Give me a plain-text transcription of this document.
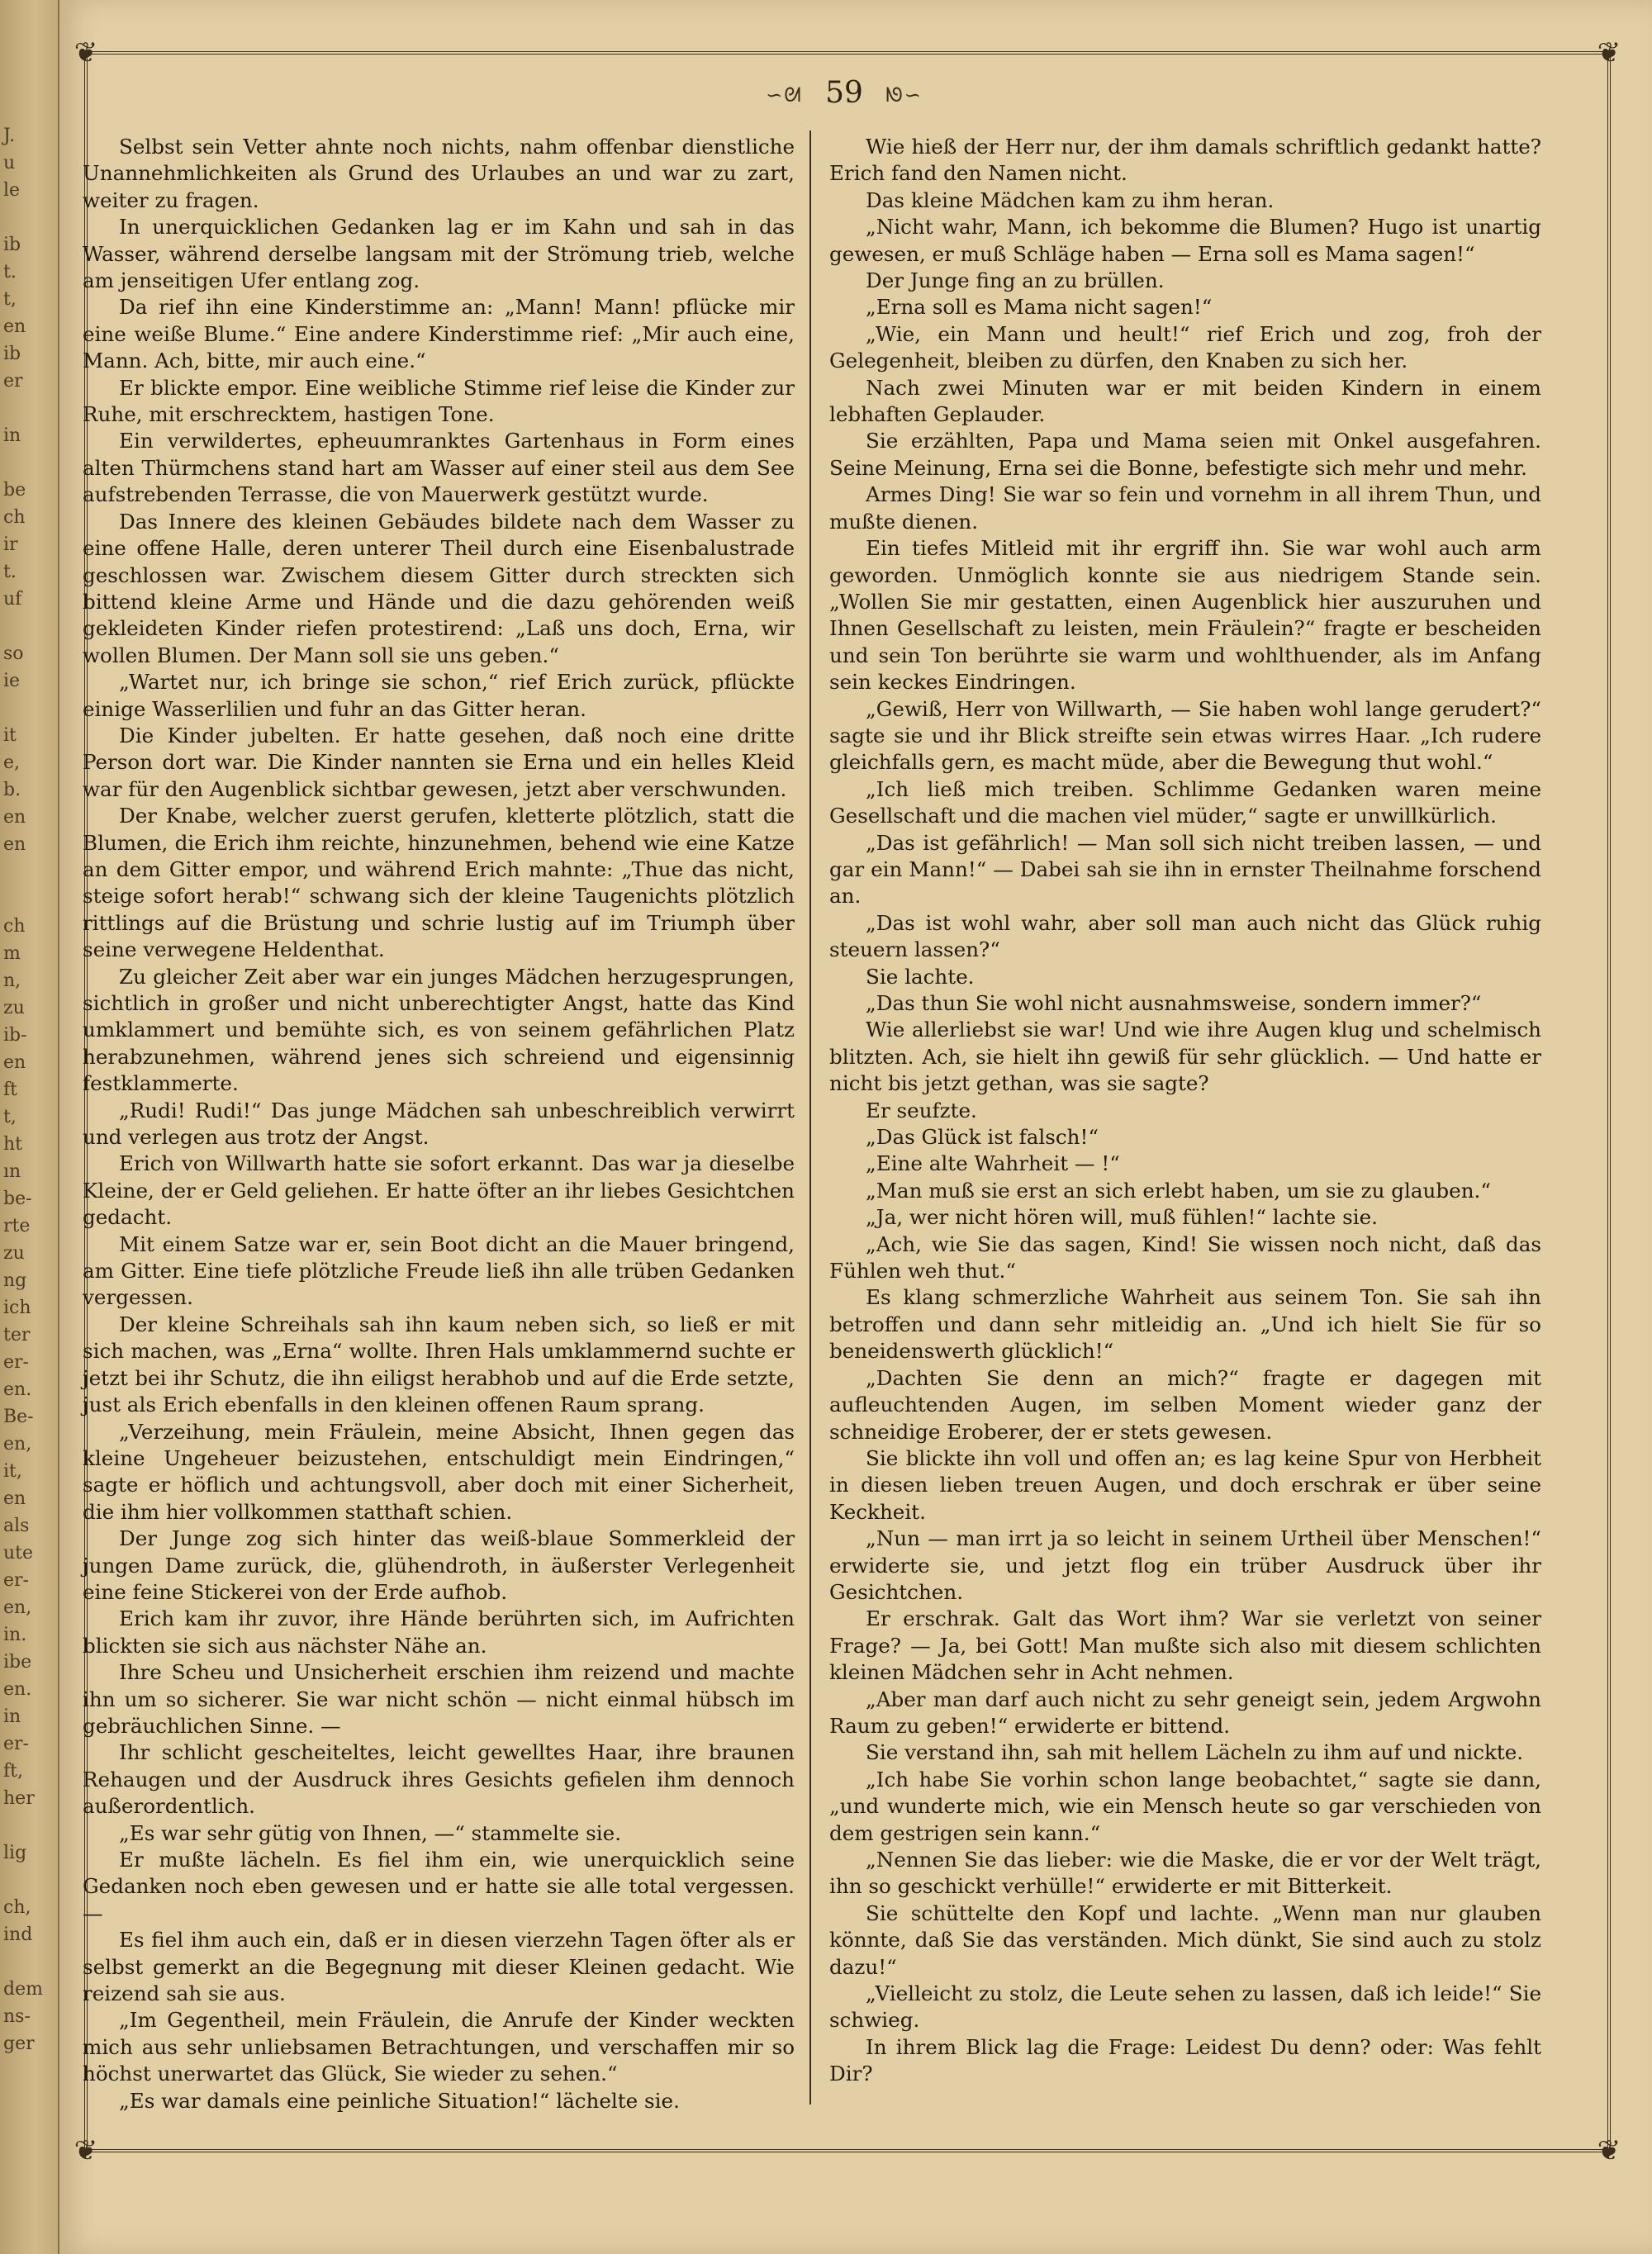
J.
u
le
ib
t.
t,
en
ib
er
in
be
ch
ir
t.
uf
so
ie
it
e,
b.
en
en
ch
m
n,
zu
ib-
en
ft
t,
ht
ın
be-
rte
zu
ng
ich
ter
er-
en.
Be-
en,
it,
en
als
ute
er-
en,
in.
ibe
en.
in
er-
ft,
her
lig
ch,
ind
dem
ns-
ger
❦	❦
❦	❦
∽ᘛ 59 ᘚ∽

Selbst sein Vetter ahnte noch nichts, nahm offenbar dienstliche Unannehmlichkeiten als Grund des Urlaubes an und war zu zart, weiter zu fragen.

In unerquicklichen Gedanken lag er im Kahn und sah in das Wasser, während derselbe langsam mit der Strömung trieb, welche am jenseitigen Ufer entlang zog.

Da rief ihn eine Kinderstimme an: „Mann! Mann! pflücke mir eine weiße Blume.“ Eine andere Kinderstimme rief: „Mir auch eine, Mann. Ach, bitte, mir auch eine.“

Er blickte empor. Eine weibliche Stimme rief leise die Kinder zur Ruhe, mit erschrecktem, hastigen Tone.

Ein verwildertes, epheuumranktes Gartenhaus in Form eines alten Thürmchens stand hart am Wasser auf einer steil aus dem See aufstrebenden Terrasse, die von Mauerwerk gestützt wurde.

Das Innere des kleinen Gebäudes bildete nach dem Wasser zu eine offene Halle, deren unterer Theil durch eine Eisenbalustrade geschlossen war. Zwischem diesem Gitter durch streckten sich bittend kleine Arme und Hände und die dazu gehörenden weiß gekleideten Kinder riefen protestirend: „Laß uns doch, Erna, wir wollen Blumen. Der Mann soll sie uns geben.“

„Wartet nur, ich bringe sie schon,“ rief Erich zurück, pflückte einige Wasserlilien und fuhr an das Gitter heran.

Die Kinder jubelten. Er hatte gesehen, daß noch eine dritte Person dort war. Die Kinder nannten sie Erna und ein helles Kleid war für den Augenblick sichtbar gewesen, jetzt aber verschwunden.

Der Knabe, welcher zuerst gerufen, kletterte plötzlich, statt die Blumen, die Erich ihm reichte, hinzunehmen, behend wie eine Katze an dem Gitter empor, und während Erich mahnte: „Thue das nicht, steige sofort herab!“ schwang sich der kleine Taugenichts plötzlich rittlings auf die Brüstung und schrie lustig auf im Triumph über seine verwegene Heldenthat.

Zu gleicher Zeit aber war ein junges Mädchen herzugesprungen, sichtlich in großer und nicht unberechtigter Angst, hatte das Kind umklammert und bemühte sich, es von seinem gefährlichen Platz herabzunehmen, während jenes sich schreiend und eigensinnig festklammerte.

„Rudi! Rudi!“ Das junge Mädchen sah unbeschreiblich verwirrt und verlegen aus trotz der Angst.

Erich von Willwarth hatte sie sofort erkannt. Das war ja dieselbe Kleine, der er Geld geliehen. Er hatte öfter an ihr liebes Gesichtchen gedacht.

Mit einem Satze war er, sein Boot dicht an die Mauer bringend, am Gitter. Eine tiefe plötzliche Freude ließ ihn alle trüben Gedanken vergessen.

Der kleine Schreihals sah ihn kaum neben sich, so ließ er mit sich machen, was „Erna“ wollte. Ihren Hals umklammernd suchte er jetzt bei ihr Schutz, die ihn eiligst herabhob und auf die Erde setzte, just als Erich ebenfalls in den kleinen offenen Raum sprang.

„Verzeihung, mein Fräulein, meine Absicht, Ihnen gegen das kleine Ungeheuer beizustehen, entschuldigt mein Eindringen,“ sagte er höflich und achtungsvoll, aber doch mit einer Sicherheit, die ihm hier vollkommen statthaft schien.

Der Junge zog sich hinter das weiß-blaue Sommerkleid der jungen Dame zurück, die, glühendroth, in äußerster Verlegenheit eine feine Stickerei von der Erde aufhob.

Erich kam ihr zuvor, ihre Hände berührten sich, im Aufrichten blickten sie sich aus nächster Nähe an.

Ihre Scheu und Unsicherheit erschien ihm reizend und machte ihn um so sicherer. Sie war nicht schön — nicht einmal hübsch im gebräuchlichen Sinne. —

Ihr schlicht gescheiteltes, leicht gewelltes Haar, ihre braunen Rehaugen und der Ausdruck ihres Gesichts gefielen ihm dennoch außerordentlich.

„Es war sehr gütig von Ihnen, —“ stammelte sie.

Er mußte lächeln. Es fiel ihm ein, wie unerquicklich seine Gedanken noch eben gewesen und er hatte sie alle total vergessen. —

Es fiel ihm auch ein, daß er in diesen vierzehn Tagen öfter als er selbst gemerkt an die Begegnung mit dieser Kleinen gedacht. Wie reizend sah sie aus.

„Im Gegentheil, mein Fräulein, die Anrufe der Kinder weckten mich aus sehr unliebsamen Betrachtungen, und verschaffen mir so höchst unerwartet das Glück, Sie wieder zu sehen.“

„Es war damals eine peinliche Situation!“ lächelte sie.

Wie hieß der Herr nur, der ihm damals schriftlich gedankt hatte? Erich fand den Namen nicht.

Das kleine Mädchen kam zu ihm heran.

„Nicht wahr, Mann, ich bekomme die Blumen? Hugo ist unartig gewesen, er muß Schläge haben — Erna soll es Mama sagen!“

Der Junge fing an zu brüllen.

„Erna soll es Mama nicht sagen!“

„Wie, ein Mann und heult!“ rief Erich und zog, froh der Gelegenheit, bleiben zu dürfen, den Knaben zu sich her.

Nach zwei Minuten war er mit beiden Kindern in einem lebhaften Geplauder.

Sie erzählten, Papa und Mama seien mit Onkel ausgefahren. Seine Meinung, Erna sei die Bonne, befestigte sich mehr und mehr.

Armes Ding! Sie war so fein und vornehm in all ihrem Thun, und mußte dienen.

Ein tiefes Mitleid mit ihr ergriff ihn. Sie war wohl auch arm geworden. Unmöglich konnte sie aus niedrigem Stande sein. „Wollen Sie mir gestatten, einen Augenblick hier auszuruhen und Ihnen Gesellschaft zu leisten, mein Fräulein?“ fragte er bescheiden und sein Ton berührte sie warm und wohlthuender, als im Anfang sein keckes Eindringen.

„Gewiß, Herr von Willwarth, — Sie haben wohl lange gerudert?“ sagte sie und ihr Blick streifte sein etwas wirres Haar. „Ich rudere gleichfalls gern, es macht müde, aber die Bewegung thut wohl.“

„Ich ließ mich treiben. Schlimme Gedanken waren meine Gesellschaft und die machen viel müder,“ sagte er unwillkürlich.

„Das ist gefährlich! — Man soll sich nicht treiben lassen, — und gar ein Mann!“ — Dabei sah sie ihn in ernster Theilnahme forschend an.

„Das ist wohl wahr, aber soll man auch nicht das Glück ruhig steuern lassen?“

Sie lachte.

„Das thun Sie wohl nicht ausnahmsweise, sondern immer?“

Wie allerliebst sie war! Und wie ihre Augen klug und schelmisch blitzten. Ach, sie hielt ihn gewiß für sehr glücklich. — Und hatte er nicht bis jetzt gethan, was sie sagte?

Er seufzte.

„Das Glück ist falsch!“

„Eine alte Wahrheit — !“

„Man muß sie erst an sich erlebt haben, um sie zu glauben.“

„Ja, wer nicht hören will, muß fühlen!“ lachte sie.

„Ach, wie Sie das sagen, Kind! Sie wissen noch nicht, daß das Fühlen weh thut.“

Es klang schmerzliche Wahrheit aus seinem Ton. Sie sah ihn betroffen und dann sehr mitleidig an. „Und ich hielt Sie für so beneidenswerth glücklich!“

„Dachten Sie denn an mich?“ fragte er dagegen mit aufleuchtenden Augen, im selben Moment wieder ganz der schneidige Eroberer, der er stets gewesen.

Sie blickte ihn voll und offen an; es lag keine Spur von Herbheit in diesen lieben treuen Augen, und doch erschrak er über seine Keckheit.

„Nun — man irrt ja so leicht in seinem Urtheil über Menschen!“ erwiderte sie, und jetzt flog ein trüber Ausdruck über ihr Gesichtchen.

Er erschrak. Galt das Wort ihm? War sie verletzt von seiner Frage? — Ja, bei Gott! Man mußte sich also mit diesem schlichten kleinen Mädchen sehr in Acht nehmen.

„Aber man darf auch nicht zu sehr geneigt sein, jedem Argwohn Raum zu geben!“ erwiderte er bittend.

Sie verstand ihn, sah mit hellem Lächeln zu ihm auf und nickte.

„Ich habe Sie vorhin schon lange beobachtet,“ sagte sie dann, „und wunderte mich, wie ein Mensch heute so gar verschieden von dem gestrigen sein kann.“

„Nennen Sie das lieber: wie die Maske, die er vor der Welt trägt, ihn so geschickt verhülle!“ erwiderte er mit Bitterkeit.

Sie schüttelte den Kopf und lachte. „Wenn man nur glauben könnte, daß Sie das verständen. Mich dünkt, Sie sind auch zu stolz dazu!“

„Vielleicht zu stolz, die Leute sehen zu lassen, daß ich leide!“ Sie schwieg.

In ihrem Blick lag die Frage: Leidest Du denn? oder: Was fehlt Dir?
